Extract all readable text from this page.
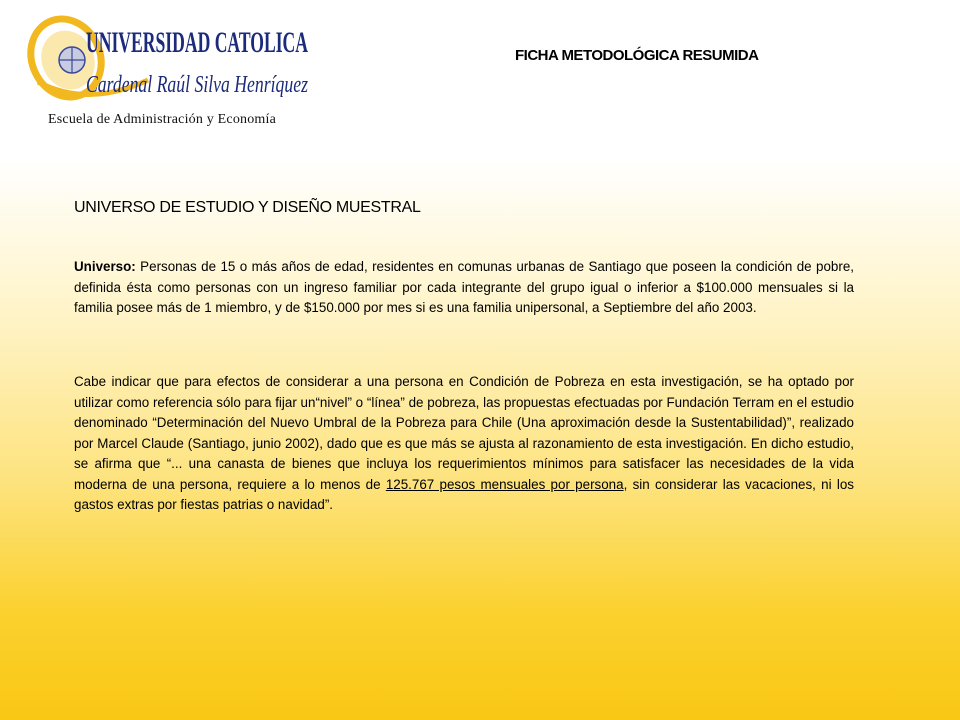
UNIVERSIDAD CATOLICA
Cardenal Raúl Silva Henríquez

Escuela de Administración y Economía

FICHA METODOLÓGICA RESUMIDA
UNIVERSO DE ESTUDIO Y DISEÑO MUESTRAL

Universo: Personas de 15 o más años de edad, residentes en comunas urbanas de Santiago que poseen la condición de pobre, definida ésta como personas con un ingreso familiar por cada integrante del grupo igual o inferior a $100.000 mensuales si la familia posee más de 1 miembro, y de $150.000 por mes si es una familia unipersonal, a Septiembre del año 2003.

Cabe indicar que para efectos de considerar a una persona en Condición de Pobreza en esta investigación, se ha optado por utilizar como referencia sólo para fijar un“nivel” o “línea” de pobreza, las propuestas efectuadas por Fundación Terram en el estudio denominado “Determinación del Nuevo Umbral de la Pobreza para Chile (Una aproximación desde la Sustentabilidad)”, realizado por Marcel Claude (Santiago, junio 2002), dado que es que más se ajusta al razonamiento de esta investigación. En dicho estudio, se afirma que “... una canasta de bienes que incluya los requerimientos mínimos para satisfacer las necesidades de la vida moderna de una persona, requiere a lo menos de 125.767 pesos mensuales por persona, sin considerar las vacaciones, ni los gastos extras por fiestas patrias o navidad”.
